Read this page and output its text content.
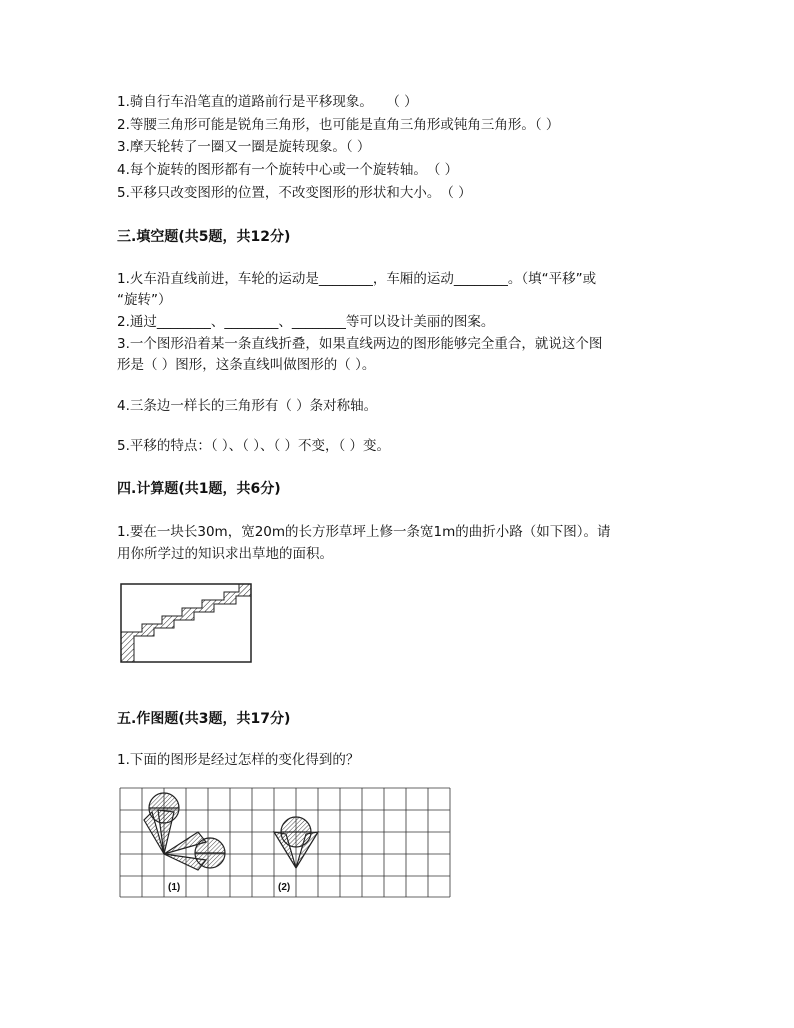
1.骑自行车沿笔直的道路前行是平移现象。　　（ ）
2.等腰三角形可能是锐角三角形，也可能是直角三角形或钝角三角形。（ ）
3.摩天轮转了一圈又一圈是旋转现象。（ ）
4.每个旋转的图形都有一个旋转中心或一个旋转轴。　（ ）
5.平移只改变图形的位置，不改变图形的形状和大小。　（ ）
三.填空题(共5题，共12分)
1.火车沿直线前进，车轮的运动是________，车厢的运动________。（填“平移”或
“旋转”）
2.通过________、________、________等可以设计美丽的图案。
3.一个图形沿着某一条直线折叠，如果直线两边的图形能够完全重合，就说这个图
形是（ ）图形，这条直线叫做图形的（ ）。
4.三条边一样长的三角形有（ ）条对称轴。
5.平移的特点：（ ）、（ ）、（ ）不变，（ ）变。
四.计算题(共1题，共6分)
1.要在一块长30m，宽20m的长方形草坪上修一条宽1m的曲折小路（如下图）。请
用你所学过的知识求出草地的面积。
五.作图题(共3题，共17分)
1.下面的图形是经过怎样的变化得到的？
(1)	(2)
